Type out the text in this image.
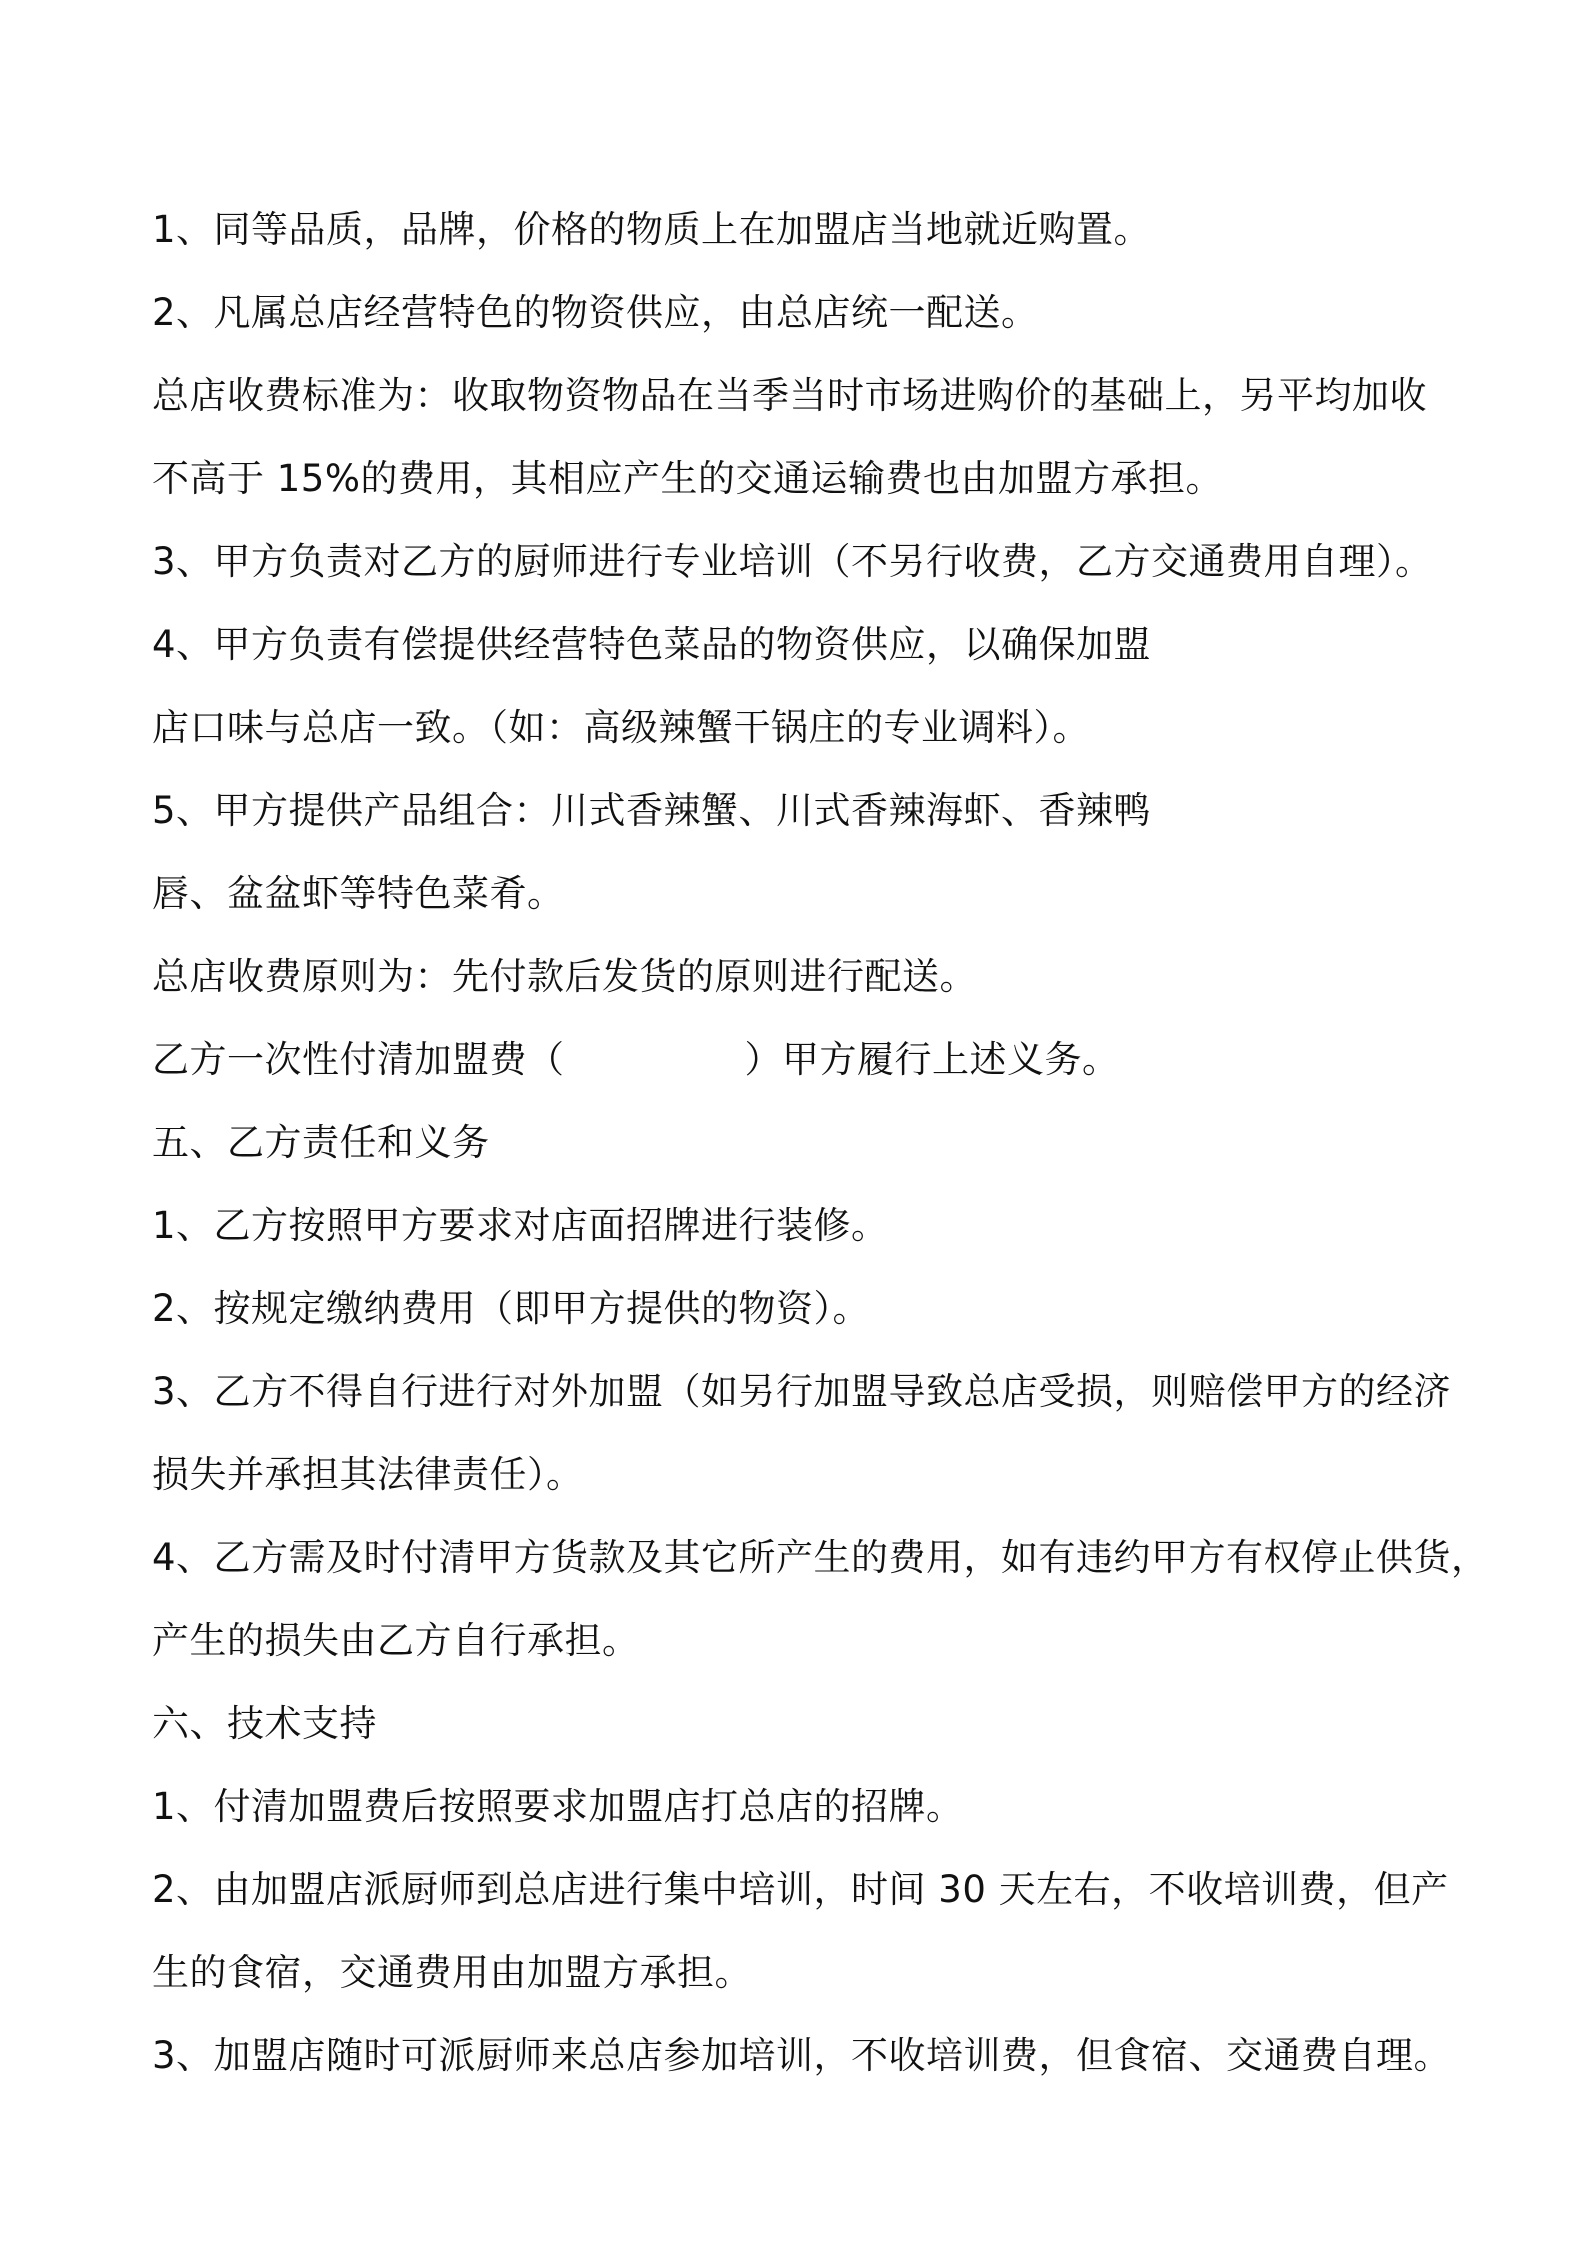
1、同等品质，品牌，价格的物质上在加盟店当地就近购置。
2、凡属总店经营特色的物资供应，由总店统一配送。
总店收费标准为：收取物资物品在当季当时市场进购价的基础上，另平均加收
不高于 15%的费用，其相应产生的交通运输费也由加盟方承担。
3、甲方负责对乙方的厨师进行专业培训（不另行收费，乙方交通费用自理）。
4、甲方负责有偿提供经营特色菜品的物资供应，以确保加盟
店口味与总店一致。（如：高级辣蟹干锅庄的专业调料）。
5、甲方提供产品组合：川式香辣蟹、川式香辣海虾、香辣鸭
唇、盆盆虾等特色菜肴。
总店收费原则为：先付款后发货的原则进行配送。
乙方一次性付清加盟费（	）甲方履行上述义务。
五、乙方责任和义务
1、乙方按照甲方要求对店面招牌进行装修。
2、按规定缴纳费用（即甲方提供的物资）。
3、乙方不得自行进行对外加盟（如另行加盟导致总店受损，则赔偿甲方的经济
损失并承担其法律责任）。
4、乙方需及时付清甲方货款及其它所产生的费用，如有违约甲方有权停止供货，
产生的损失由乙方自行承担。
六、技术支持
1、付清加盟费后按照要求加盟店打总店的招牌。
2、由加盟店派厨师到总店进行集中培训，时间 30 天左右，不收培训费，但产
生的食宿，交通费用由加盟方承担。
3、加盟店随时可派厨师来总店参加培训，不收培训费，但食宿、交通费自理。
